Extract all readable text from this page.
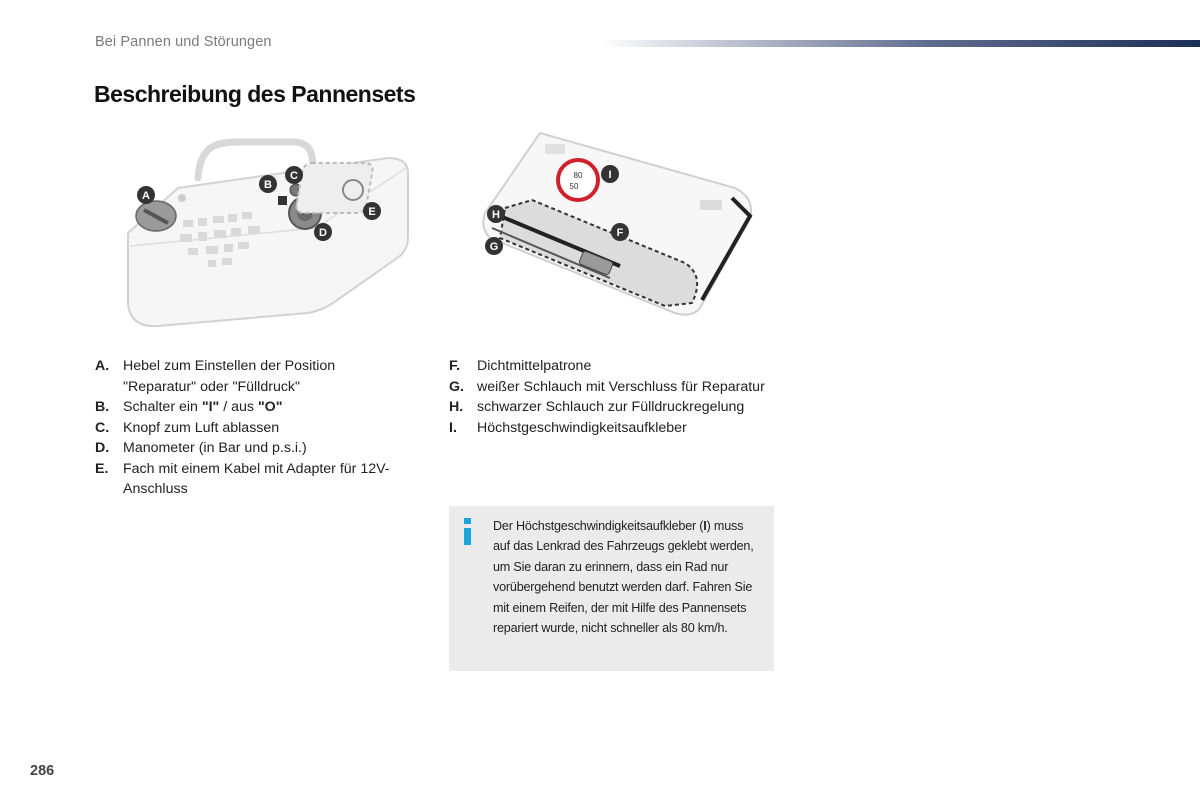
Bei Pannen und Störungen
Beschreibung des Pannensets
A
B
C
D
E
80
50
I
H
F
G
A. Hebel zum Einstellen der Position "Reparatur" oder "Fülldruck"
B. Schalter ein "I" / aus "O"
C. Knopf zum Luft ablassen
D. Manometer (in Bar und p.s.i.)
E. Fach mit einem Kabel mit Adapter für 12V-Anschluss
F. Dichtmittelpatrone
G. weißer Schlauch mit Verschluss für Reparatur
H. schwarzer Schlauch zur Fülldruckregelung
I. Höchstgeschwindigkeitsaufkleber
Der Höchstgeschwindigkeitsaufkleber (I) muss auf das Lenkrad des Fahrzeugs geklebt werden, um Sie daran zu erinnern, dass ein Rad nur vorübergehend benutzt werden darf. Fahren Sie mit einem Reifen, der mit Hilfe des Pannensets repariert wurde, nicht schneller als 80 km/h.
286
